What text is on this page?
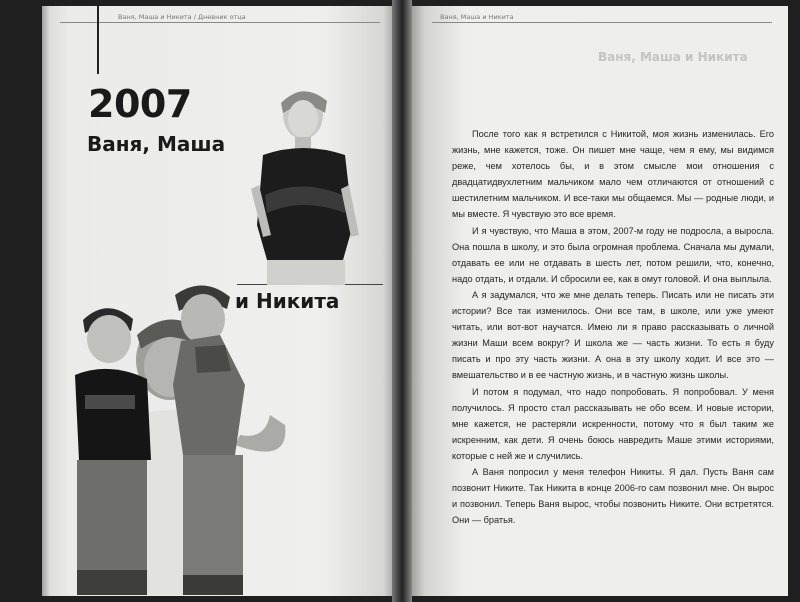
Ваня, Маша и Никита / Дневник отца	Ваня, Маша и Никита
Ваня, Маша и Никита
2007
Ваня, Маша
и Никита

После того как я встретился с Никитой, моя жизнь изменилась. Его жизнь, мне кажется, тоже. Он пишет мне чаще, чем я ему, мы видимся реже, чем хотелось бы, и в этом смысле мои отношения с двадцатидвухлетним мальчиком мало чем отличаются от отношений с шестилетним мальчиком. И все-таки мы общаемся. Мы — родные люди, и мы вместе. Я чувствую это все время.

И я чувствую, что Маша в этом, 2007-м году не подросла, а выросла. Она пошла в школу, и это была огромная проблема. Сначала мы думали, отдавать ее или не отдавать в шесть лет, потом решили, что, конечно, надо отдать, и отдали. И сбросили ее, как в омут головой. И она выплыла.

А я задумался, что же мне делать теперь. Писать или не писать эти истории? Все так изменилось. Они все там, в школе, или уже умеют читать, или вот-вот научатся. Имею ли я право рассказывать о личной жизни Маши всем вокруг? И школа же — часть жизни. То есть я буду писать и про эту часть жизни. А она в эту школу ходит. И все это — вмешательство и в ее частную жизнь, и в частную жизнь школы.

И потом я подумал, что надо попробовать. Я попробовал. У меня получилось. Я просто стал рассказывать не обо всем. И новые истории, мне кажется, не растеряли искренности, потому что я был таким же искренним, как дети. Я очень боюсь навредить Маше этими историями, которые с ней же и случились.

А Ваня попросил у меня телефон Никиты. Я дал. Пусть Ваня сам позвонит Никите. Так Никита в конце 2006-го сам позвонил мне. Он вырос и позвонил. Теперь Ваня вырос, чтобы позвонить Никите. Они встретятся. Они — братья.
